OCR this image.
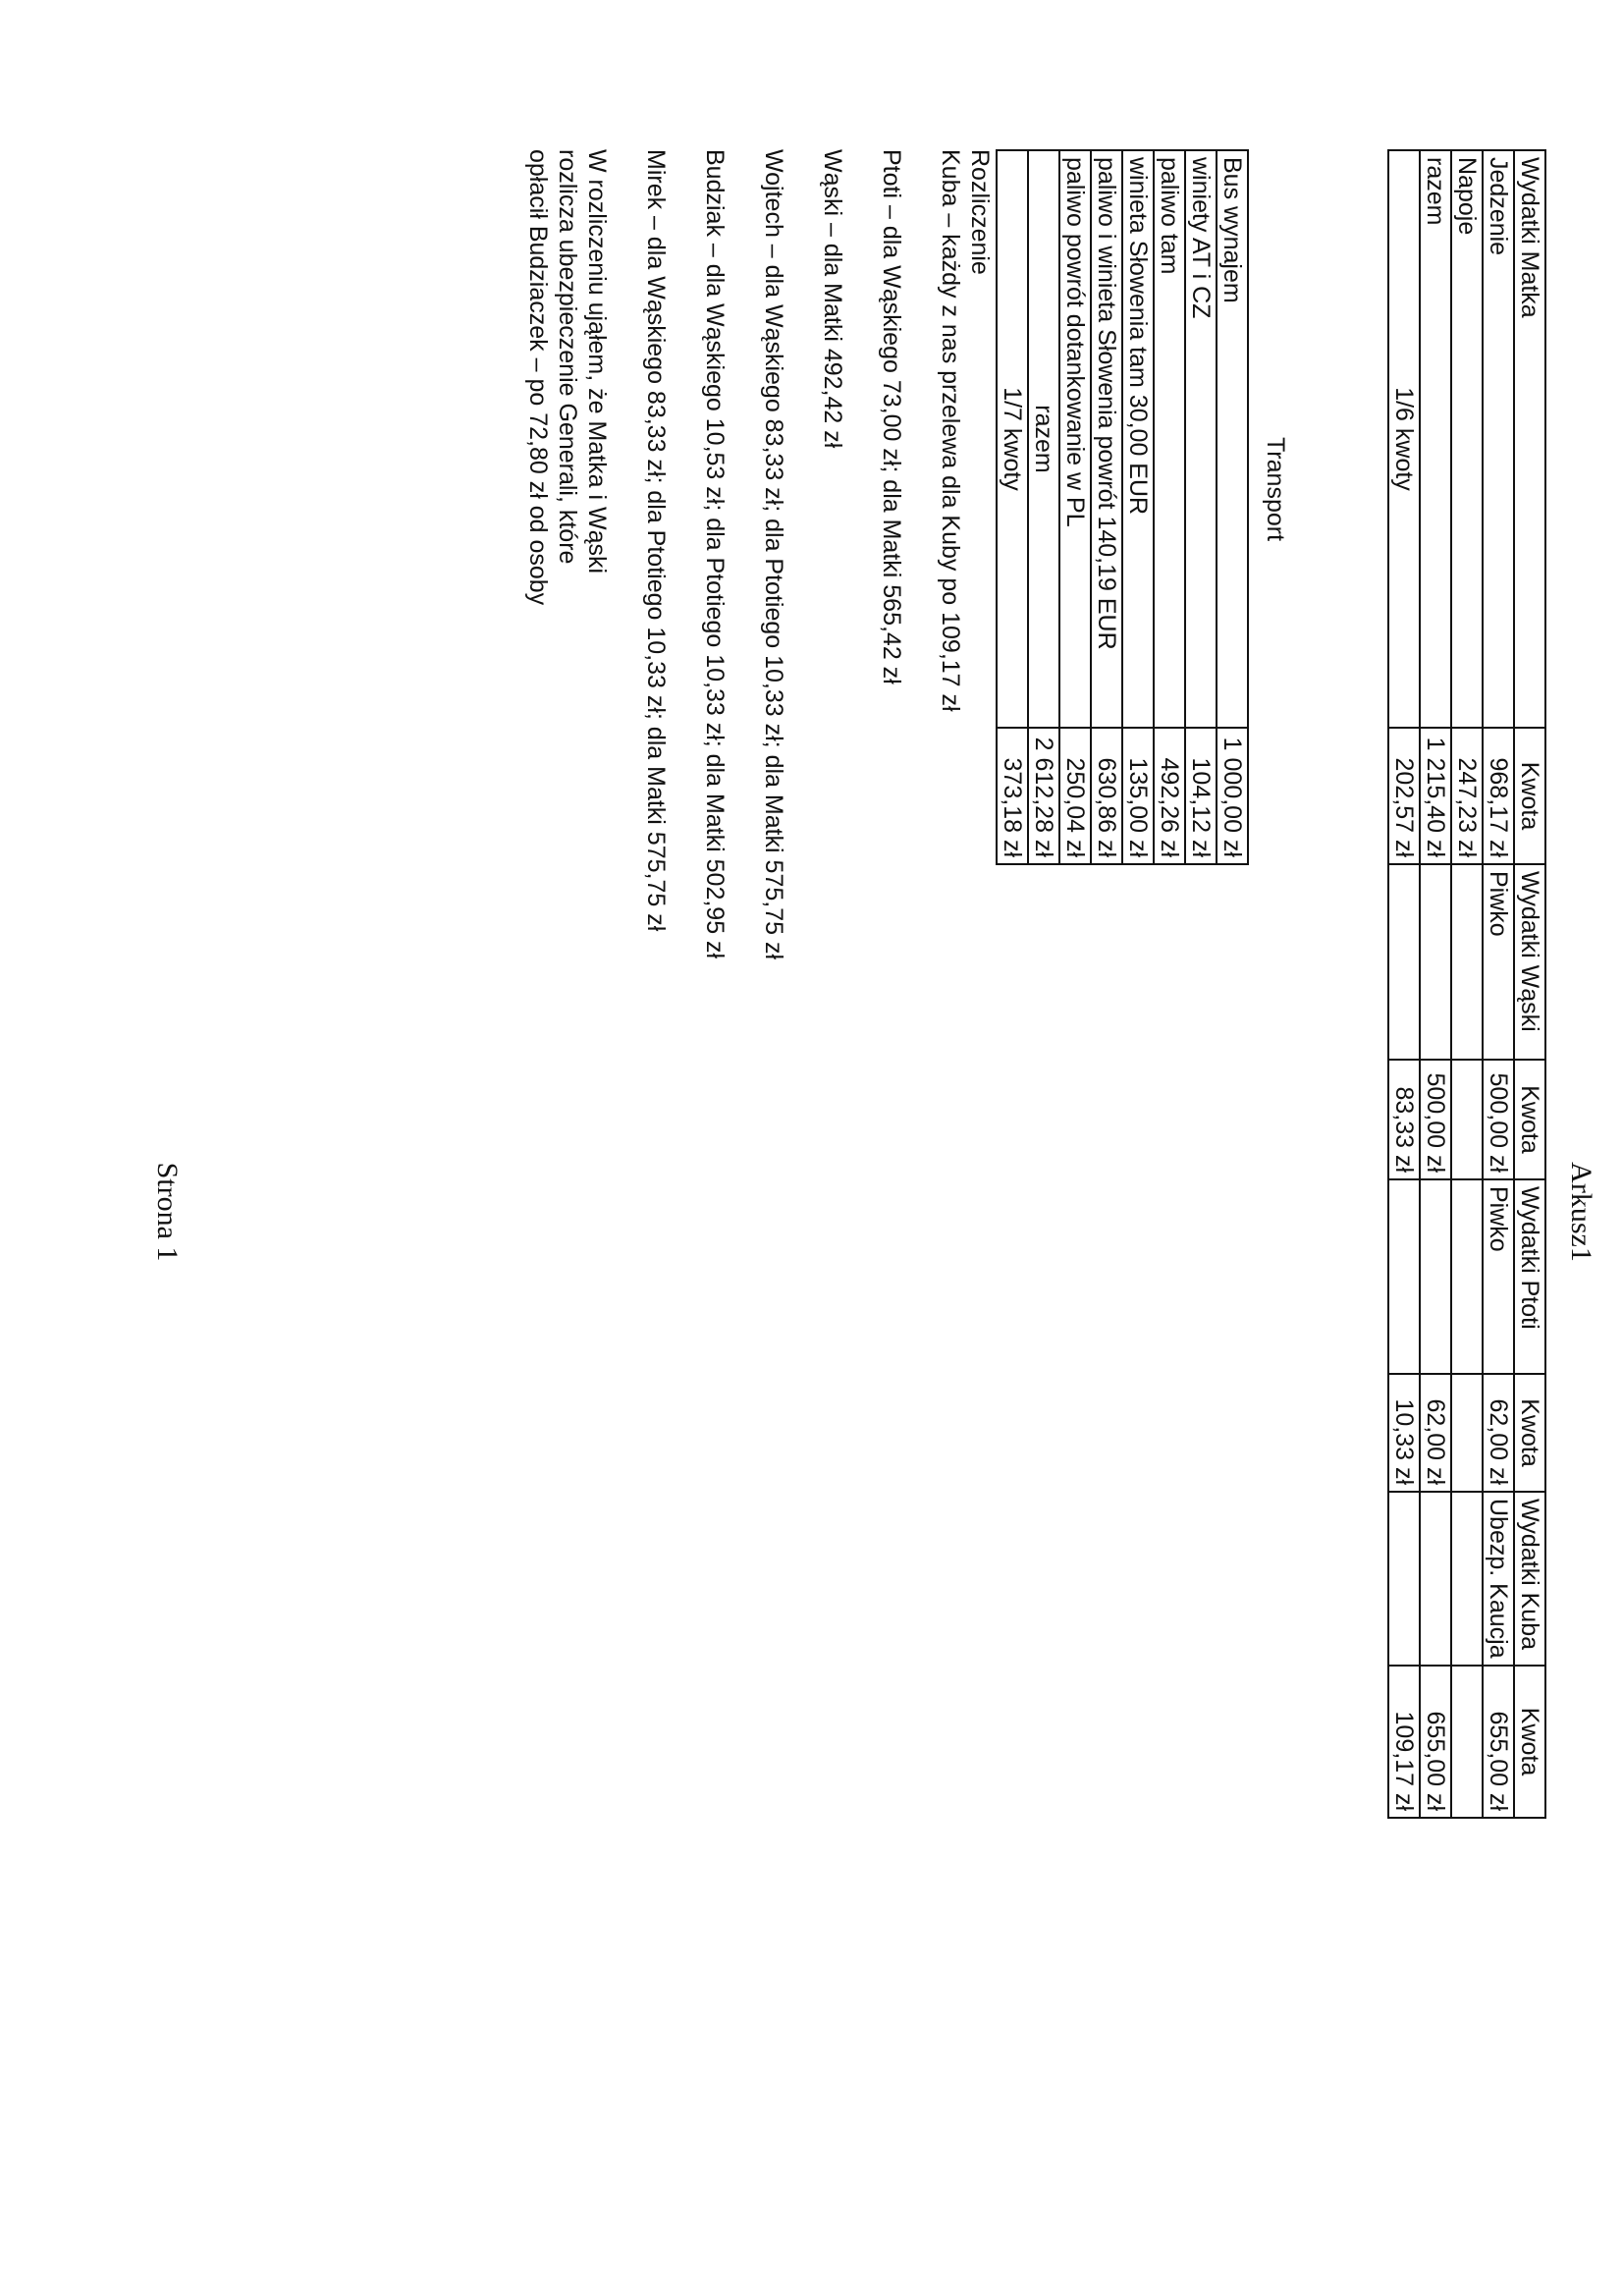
Arkusz1
Wydatki Matka	Kwota	Wydatki Wąski	Kwota	Wydatki Ptoti	Kwota	Wydatki Kuba	Kwota
Jedzenie	968,17 zł	Piwko	500,00 zł	Piwko	62,00 zł	Ubezp. Kaucja	655,00 zł
Napoje	247,23 zł						
razem	1 215,40 zł		500,00 zł		62,00 zł		655,00 zł
1/6 kwoty	202,57 zł		83,33 zł		10,33 zł		109,17 zł
Transport
Bus wynajem	1 000,00 zł
winiety AT i CZ	104,12 zł
paliwo tam	492,26 zł
winieta Słowenia tam 30,00 EUR	135,00 zł
paliwo i winieta Słowenia powrót 140,19 EUR	630,86 zł
paliwo powrót dotankowanie w PL	250,04 zł
razem	2 612,28 zł
1/7 kwoty	373,18 zł

Rozliczenie

Kuba – każdy z nas przelewa dla Kuby po 109,17 zł

Ptoti – dla Wąskiego 73,00 zł; dla Matki 565,42 zł

Wąski – dla Matki 492,42 zł

Wojtech – dla Wąskiego 83,33 zł; dla Ptotiego 10,33 zł; dla Matki 575,75 zł

Budziak – dla Wąskiego 10,53 zł; dla Ptotiego 10,33 zł; dla Matki 502,95 zł

Mirek – dla Wąskiego 83,33 zł; dla Ptotiego 10,33 zł; dla Matki 575,75 zł

W rozliczeniu ująłem, że Matka i Wąski

rozlicza ubezpieczenie Generali, które

opłacił Budziaczek – po 72,80 zł od osoby

Strona 1
